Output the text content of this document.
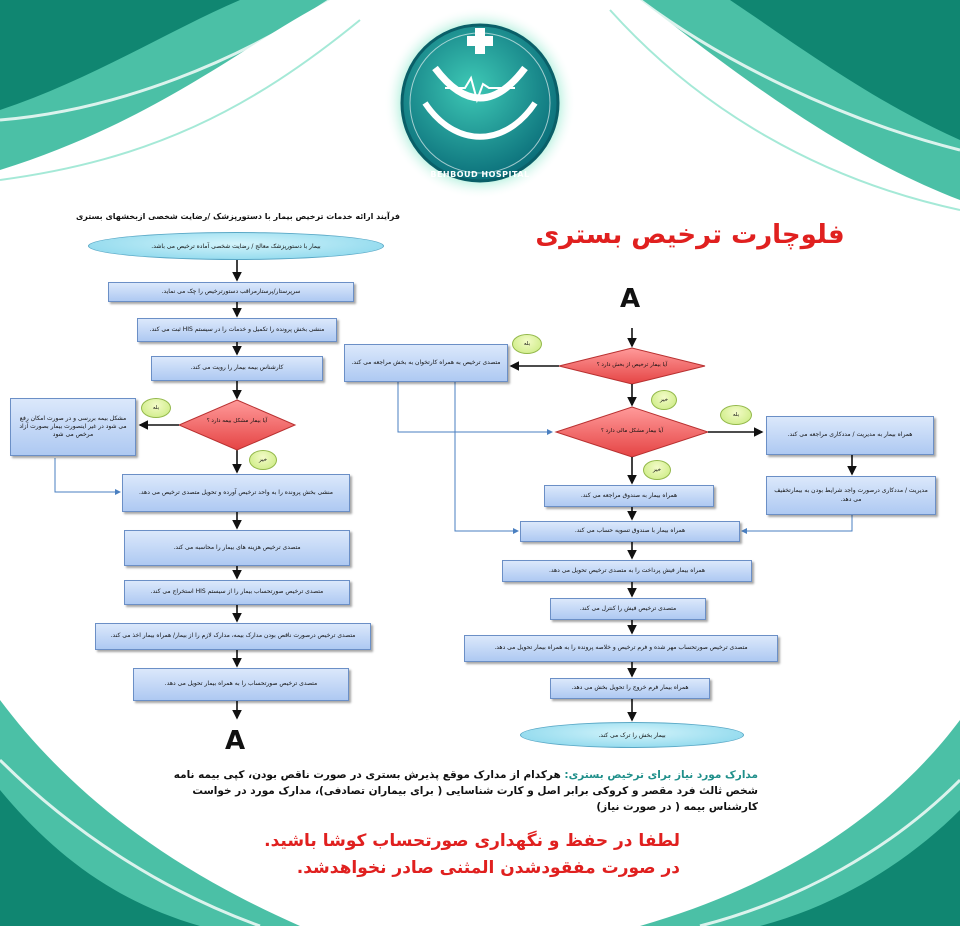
BEHBOUD HOSPITAL
فلوچارت ترخیص بستری
فرآیند ارائه خدمات ترخیص بیمار با دستورپزشک /رضایت شخصی ازبخشهای بستری
بیمار با دستورپزشک معالج / رضایت شخصی آماده ترخیص می باشد.
سرپرستار/پرستارمراقب دستورترخیص را چک می نماید.
منشی بخش پرونده را تکمیل و خدمات را در سیستم HIS ثبت می کند.
کارشناس بیمه بیمار را رویت می کند.
آیا بیمار مشکل بیمه دارد ؟
بله
خیر
مشکل بیمه بررسی و در صورت امکان رفع می شود در غیر اینصورت بیمار بصورت آزاد مرخص می شود
منشی بخش پرونده را به واحد ترخیص آورده و تحویل متصدی ترخیص می دهد.
متصدی ترخیص هزینه های بیمار را محاسبه می کند.
متصدی ترخیص صورتحساب بیمار را از سیستم HIS استخراج می کند.
متصدی ترخیص درصورت ناقص بودن مدارک بیمه، مدارک لازم را از بیمار/ همراه بیمار اخذ می کند.
متصدی ترخیص صورتحساب را به همراه بیمار تحویل می دهد.
A
A
آیا بیمار ترخیص از بخش دارد ؟
بله
متصدی ترخیص به همراه کارتخوان به بخش مراجعه می کند.
خیر
آیا بیمار مشکل مالی دارد ؟
بله
همراه بیمار به مدیریت / مددکاری مراجعه می کند.
مدیریت / مددکاری درصورت واجد شرایط بودن به بیمارتخفیف می دهد.
خیر
همراه بیمار به صندوق مراجعه می کند.
همراه بیمار با صندوق تسویه حساب می کند.
همراه بیمار فیش پرداخت را به متصدی ترخیص تحویل می دهد.
متصدی ترخیص فیش را کنترل می کند.
متصدی ترخیص صورتحساب مهر شده و فرم ترخیص و خلاصه پرونده را به همراه بیمار تحویل می دهد.
همراه بیمار فرم خروج را تحویل بخش می دهد.
بیمار بخش را ترک می کند.
مدارک مورد نیاز برای ترخیص بستری: هرکدام از مدارک موقع پذیرش بستری در صورت ناقص بودن، کپی بیمه نامه شخص ثالث فرد مقصر و کروکی برابر اصل و کارت شناسایی ( برای بیماران تصادفی)، مدارک مورد در خواست کارشناس بیمه ( در صورت نیاز)
لطفا در حفظ و نگهداری صورتحساب کوشا باشید.
در صورت مفقودشدن المثنی صادر نخواهدشد.
